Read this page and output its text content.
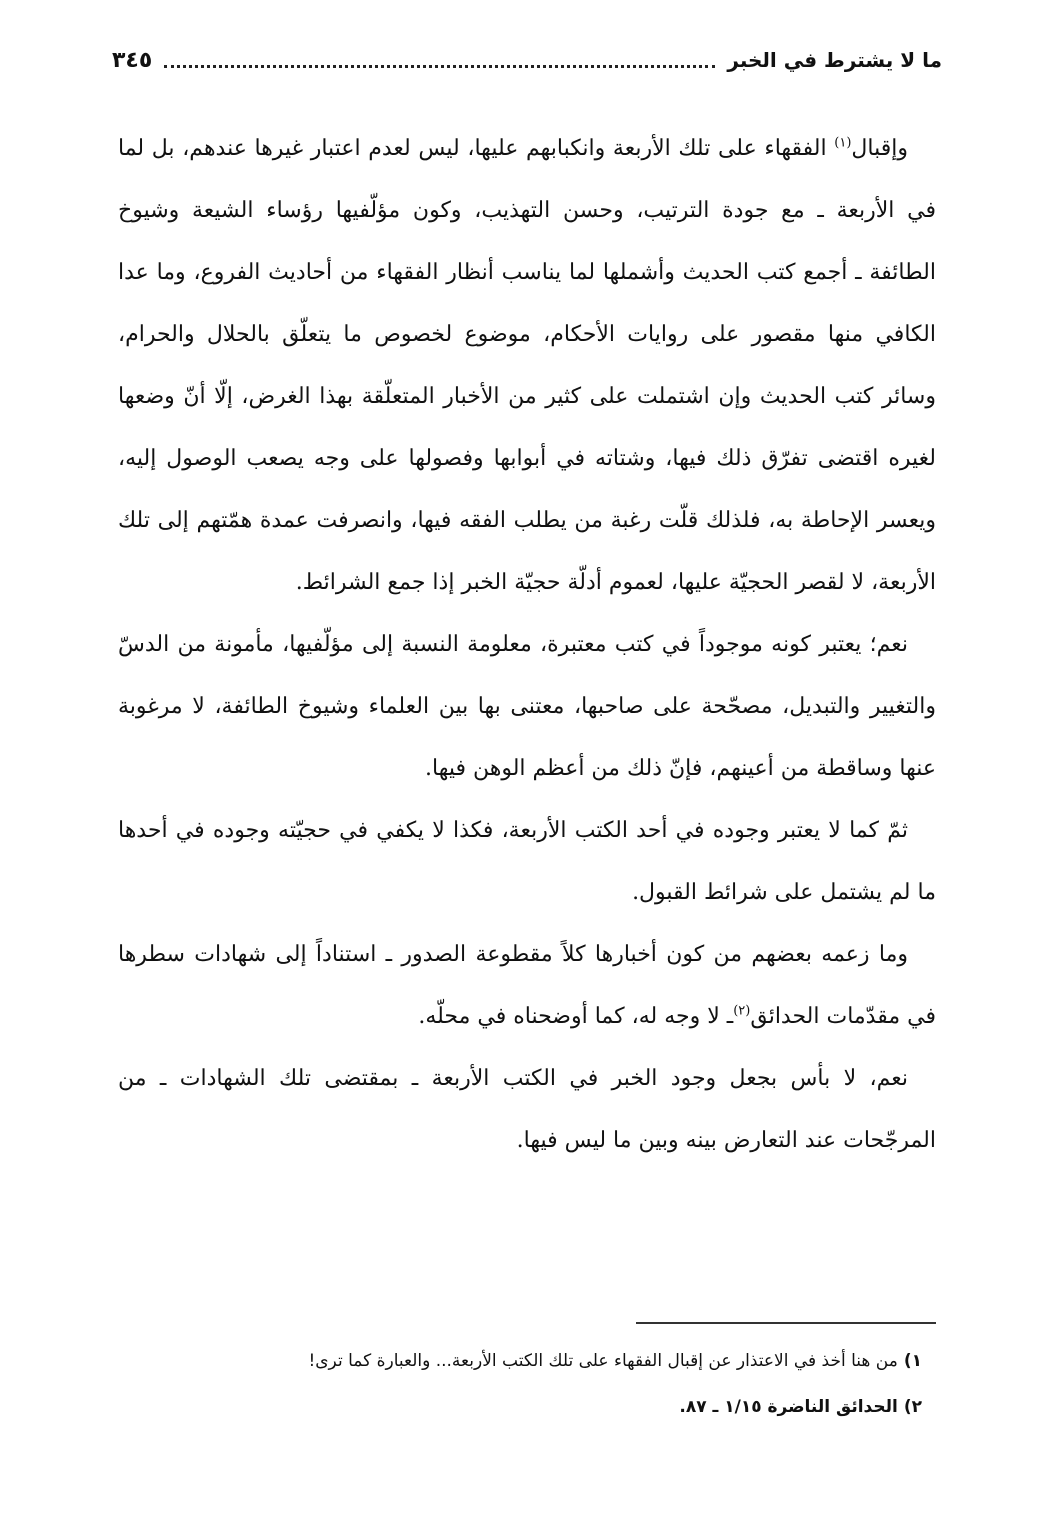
ما لا يشترط في الخبر
٣٤٥

وإقبال$^{(١)}$ الفقهاء على تلك الأربعة وانكبابهم عليها، ليس لعدم اعتبار غيرها عندهم، بل لما في الأربعة ـ مع جودة الترتيب، وحسن التهذيب، وكون مؤلّفيها رؤساء الشيعة وشيوخ الطائفة ـ أجمع كتب الحديث وأشملها لما يناسب أنظار الفقهاء من أحاديث الفروع، وما عدا الكافي منها مقصور على روايات الأحكام، موضوع لخصوص ما يتعلّق بالحلال والحرام، وسائر كتب الحديث وإن اشتملت على كثير من الأخبار المتعلّقة بهذا الغرض، إلّا أنّ وضعها لغيره اقتضى تفرّق ذلك فيها، وشتاته في أبوابها وفصولها على وجه يصعب الوصول إليه، ويعسر الإحاطة به، فلذلك قلّت رغبة من يطلب الفقه فيها، وانصرفت عمدة همّتهم إلى تلك الأربعة، لا لقصر الحجيّة عليها، لعموم أدلّة حجيّة الخبر إذا جمع الشرائط.

نعم؛ يعتبر كونه موجوداً في كتب معتبرة، معلومة النسبة إلى مؤلّفيها، مأمونة من الدسّ والتغيير والتبديل، مصحّحة على صاحبها، معتنى بها بين العلماء وشيوخ الطائفة، لا مرغوبة عنها وساقطة من أعينهم، فإنّ ذلك من أعظم الوهن فيها.

ثمّ كما لا يعتبر وجوده في أحد الكتب الأربعة، فكذا لا يكفي في حجيّته وجوده في أحدها ما لم يشتمل على شرائط القبول.

وما زعمه بعضهم من كون أخبارها كلاً مقطوعة الصدور ـ استناداً إلى شهادات سطرها في مقدّمات الحدائق$^{(٢)}$ـ لا وجه له، كما أوضحناه في محلّه.

نعم، لا بأس بجعل وجود الخبر في الكتب الأربعة ـ بمقتضى تلك الشهادات ـ من المرجّحات عند التعارض بينه وبين ما ليس فيها.

١)من هنا أخذ في الاعتذار عن إقبال الفقهاء على تلك الكتب الأربعة... والعبارة كما ترى!

٢)الحدائق الناضرة ١/١٥ ـ ٨٧.
